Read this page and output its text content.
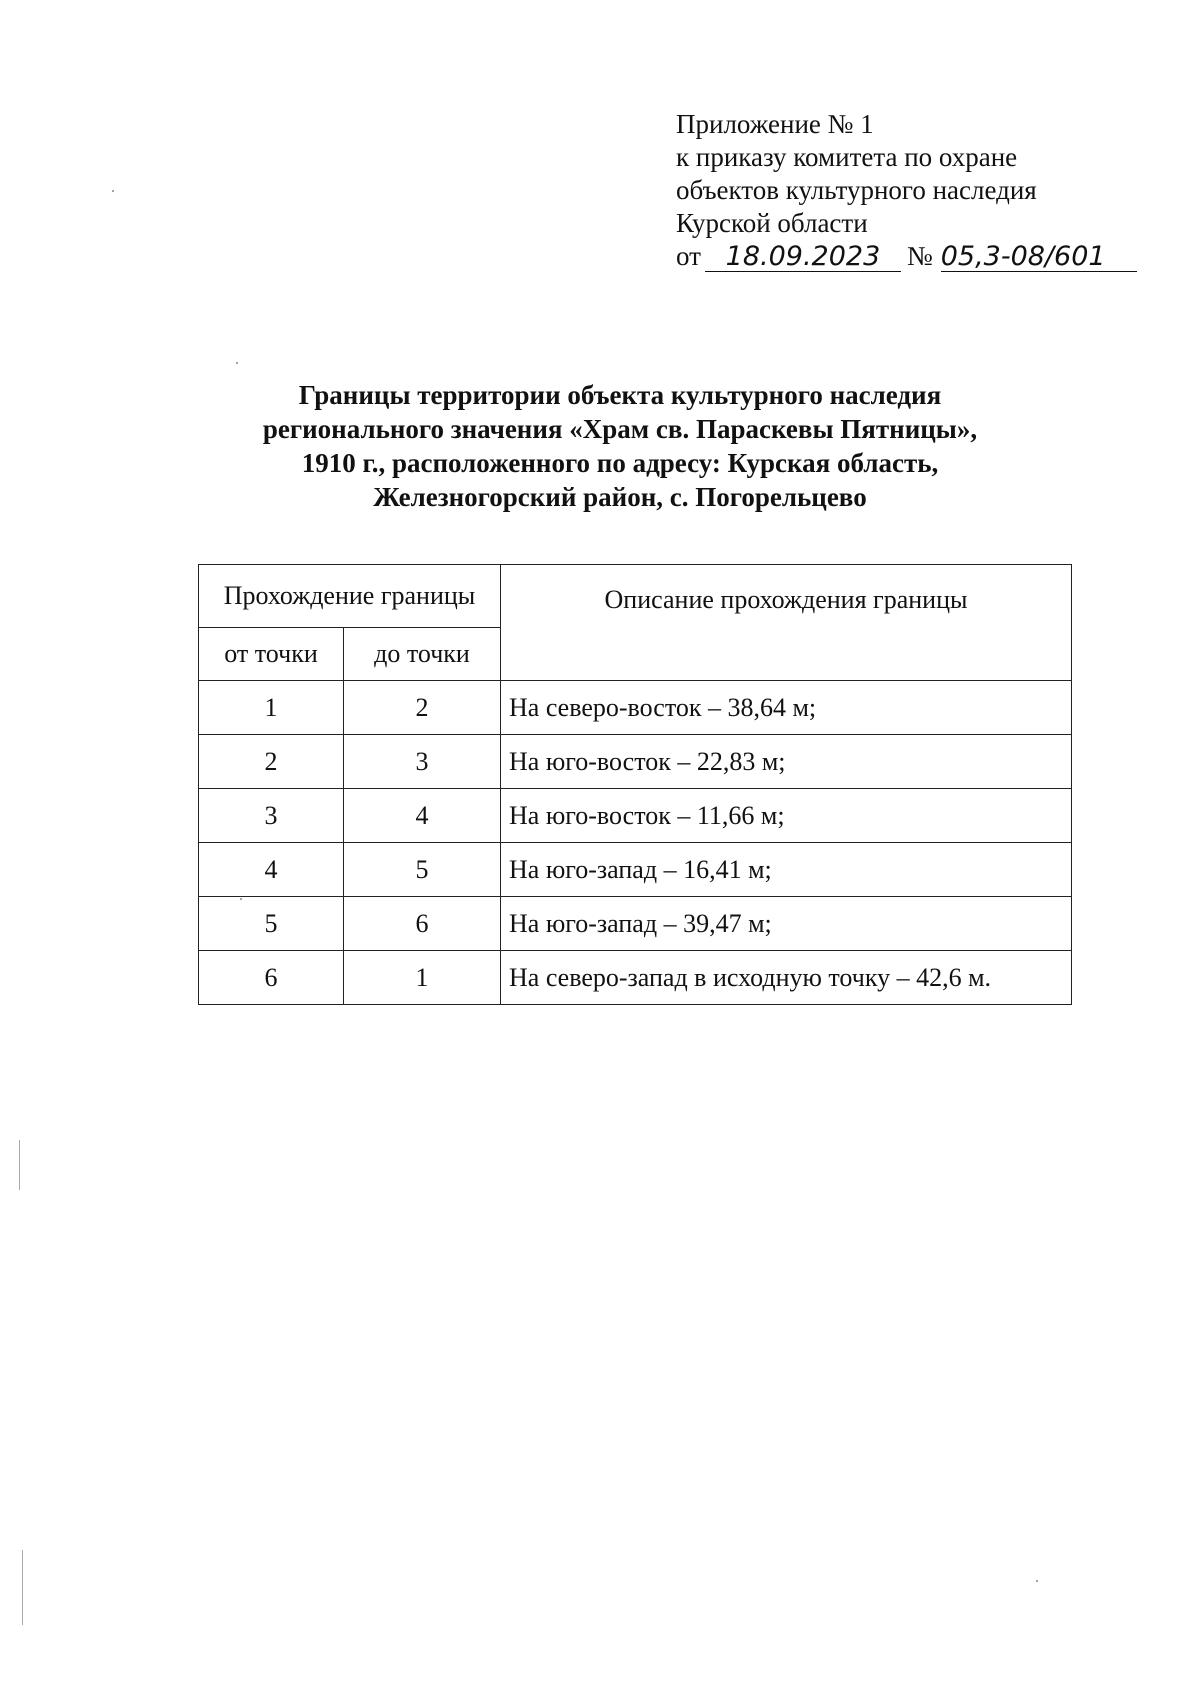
Приложение № 1
к приказу комитета по охране
объектов культурного наследия
Курской области
от 18.09.2023 № 05,3-08/601
Границы территории объекта культурного наследия
регионального значения «Храм св. Параскевы Пятницы»,
1910 г., расположенного по адресу: Курская область,
Железногорский район, с. Погорельцево
Прохождение границы		Описание прохождения границы
от точки	до точки	
1	2	На северо-восток – 38,64 м;
2	3	На юго-восток – 22,83 м;
3	4	На юго-восток – 11,66 м;
4	5	На юго-запад – 16,41 м;
5	6	На юго-запад – 39,47 м;
6	1	На северо-запад в исходную точку – 42,6 м.
